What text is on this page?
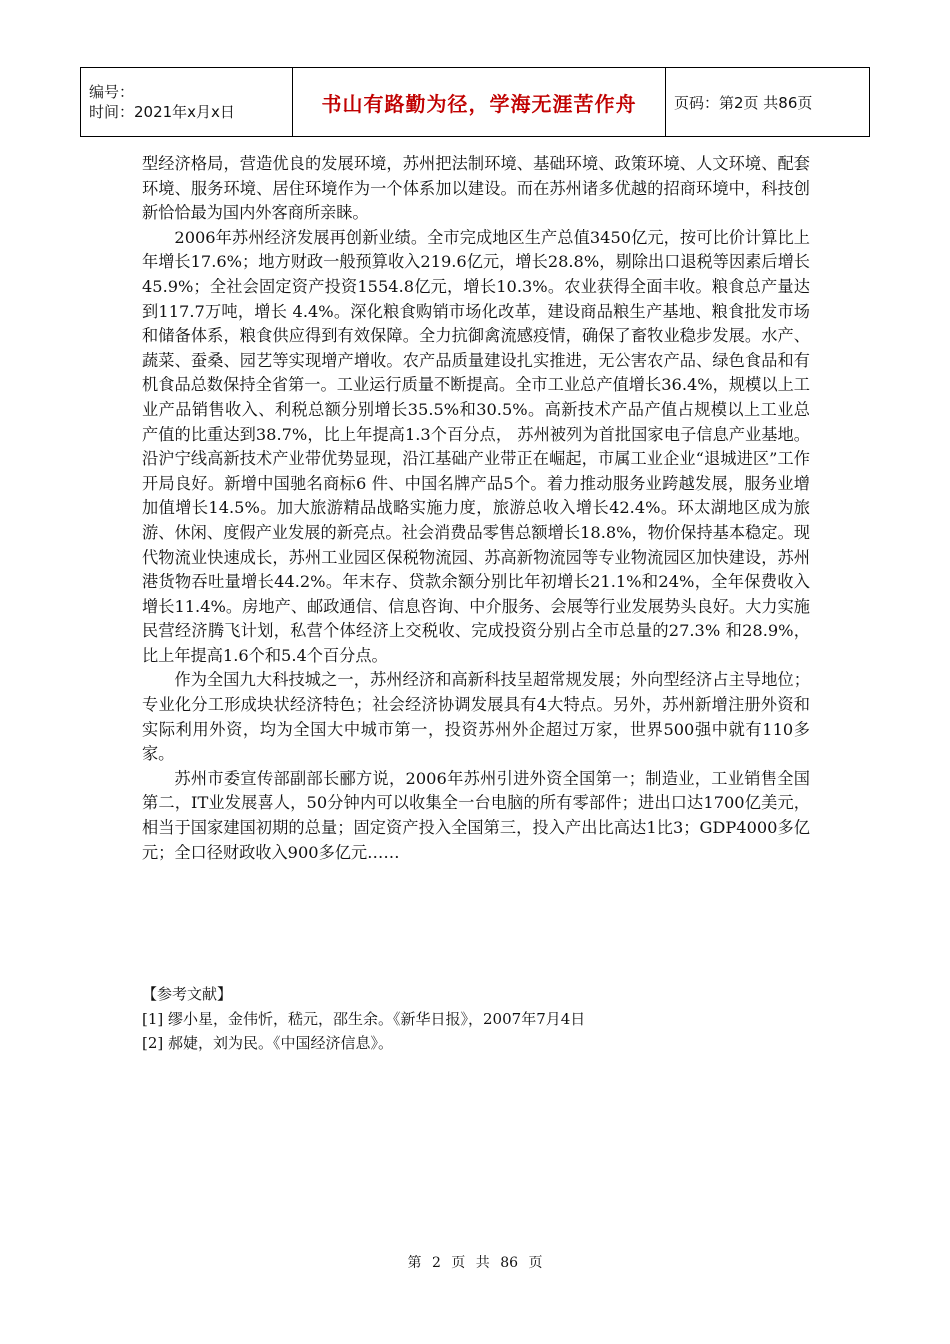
编号：
时间：2021年x月x日	书山有路勤为径，学海无涯苦作舟	页码：第2页 共86页

型经济格局，营造优良的发展环境，苏州把法制环境、基础环境、政策环境、人文环境、配套环境、服务环境、居住环境作为一个体系加以建设。而在苏州诸多优越的招商环境中，科技创新恰恰最为国内外客商所亲睐。

2006年苏州经济发展再创新业绩。全市完成地区生产总值3450亿元，按可比价计算比上年增长17.6%；地方财政一般预算收入219.6亿元，增长28.8%，剔除出口退税等因素后增长45.9%；全社会固定资产投资1554.8亿元，增长10.3%。农业获得全面丰收。粮食总产量达到117.7万吨，增长 4.4%。深化粮食购销市场化改革，建设商品粮生产基地、粮食批发市场和储备体系，粮食供应得到有效保障。全力抗御禽流感疫情，确保了畜牧业稳步发展。水产、蔬菜、蚕桑、园艺等实现增产增收。农产品质量建设扎实推进，无公害农产品、绿色食品和有机食品总数保持全省第一。工业运行质量不断提高。全市工业总产值增长36.4%，规模以上工业产品销售收入、利税总额分别增长35.5%和30.5%。高新技术产品产值占规模以上工业总产值的比重达到38.7%，比上年提高1.3个百分点， 苏州被列为首批国家电子信息产业基地。沿沪宁线高新技术产业带优势显现，沿江基础产业带正在崛起，市属工业企业“退城进区”工作开局良好。新增中国驰名商标6 件、中国名牌产品5个。着力推动服务业跨越发展，服务业增加值增长14.5%。加大旅游精品战略实施力度，旅游总收入增长42.4%。环太湖地区成为旅游、休闲、度假产业发展的新亮点。社会消费品零售总额增长18.8%，物价保持基本稳定。现代物流业快速成长，苏州工业园区保税物流园、苏高新物流园等专业物流园区加快建设，苏州港货物吞吐量增长44.2%。年末存、贷款余额分别比年初增长21.1%和24%，全年保费收入增长11.4%。房地产、邮政通信、信息咨询、中介服务、会展等行业发展势头良好。大力实施民营经济腾飞计划，私营个体经济上交税收、完成投资分别占全市总量的27.3% 和28.9%，比上年提高1.6个和5.4个百分点。

作为全国九大科技城之一，苏州经济和高新科技呈超常规发展；外向型经济占主导地位；专业化分工形成块状经济特色；社会经济协调发展具有4大特点。另外，苏州新增注册外资和实际利用外资，均为全国大中城市第一，投资苏州外企超过万家，世界500强中就有110多家。

苏州市委宣传部副部长郦方说，2006年苏州引进外资全国第一；制造业，工业销售全国第二，IT业发展喜人，50分钟内可以收集全一台电脑的所有零部件；进出口达1700亿美元，相当于国家建国初期的总量；固定资产投入全国第三，投入产出比高达1比3；GDP4000多亿元；全口径财政收入900多亿元……

【参考文献】

[1] 缪小星，金伟忻，嵇元，邵生余。《新华日报》，2007年7月4日

[2] 郝婕，刘为民。《中国经济信息》。

第 2 页 共 86 页
